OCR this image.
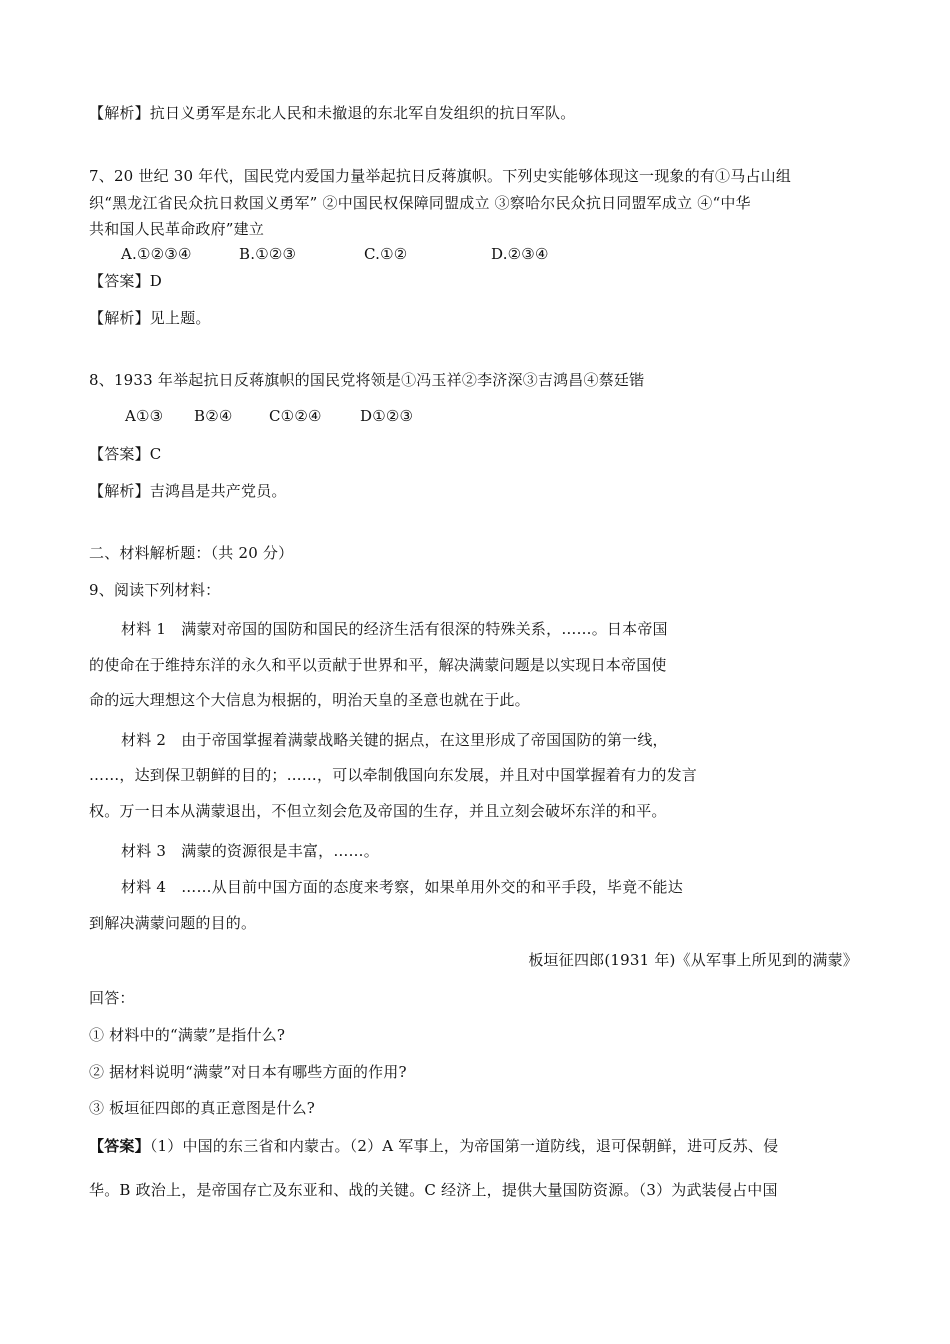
【解析】抗日义勇军是东北人民和未撤退的东北军自发组织的抗日军队。
7、20 世纪 30 年代，国民党内爱国力量举起抗日反蒋旗帜。下列史实能够体现这一现象的有①马占山组
织“黑龙江省民众抗日救国义勇军” ②中国民权保障同盟成立 ③察哈尔民众抗日同盟军成立 ④“中华
共和国人民革命政府”建立
A.①②③④	B.①②③	C.①②	D.②③④
【答案】D
【解析】见上题。
8、1933 年举起抗日反蒋旗帜的国民党将领是①冯玉祥②李济深③吉鸿昌④蔡廷锴
A①③ B②④ C①②④	D①②③
【答案】C
【解析】吉鸿昌是共产党员。
二、材料解析题：（共 20 分）
9、阅读下列材料：
材料 1　满蒙对帝国的国防和国民的经济生活有很深的特殊关系，……。日本帝国
的使命在于维持东洋的永久和平以贡献于世界和平，解决满蒙问题是以实现日本帝国使
命的远大理想这个大信息为根据的，明治天皇的圣意也就在于此。
材料 2　由于帝国掌握着满蒙战略关键的据点，在这里形成了帝国国防的第一线，
……，达到保卫朝鲜的目的；……，可以牵制俄国向东发展，并且对中国掌握着有力的发言
权。万一日本从满蒙退出，不但立刻会危及帝国的生存，并且立刻会破坏东洋的和平。
材料 3　满蒙的资源很是丰富，……。
材料 4　……从目前中国方面的态度来考察，如果单用外交的和平手段，毕竟不能达
到解决满蒙问题的目的。
板垣征四郎(1931 年)《从军事上所见到的满蒙》
回答：
① 材料中的“满蒙”是指什么?
② 据材料说明“满蒙”对日本有哪些方面的作用?
③ 板垣征四郎的真正意图是什么?
【答案】（1）中国的东三省和内蒙古。（2）A 军事上，为帝国第一道防线，退可保朝鲜，进可反苏、侵
华。B 政治上，是帝国存亡及东亚和、战的关键。C 经济上，提供大量国防资源。（3）为武装侵占中国
